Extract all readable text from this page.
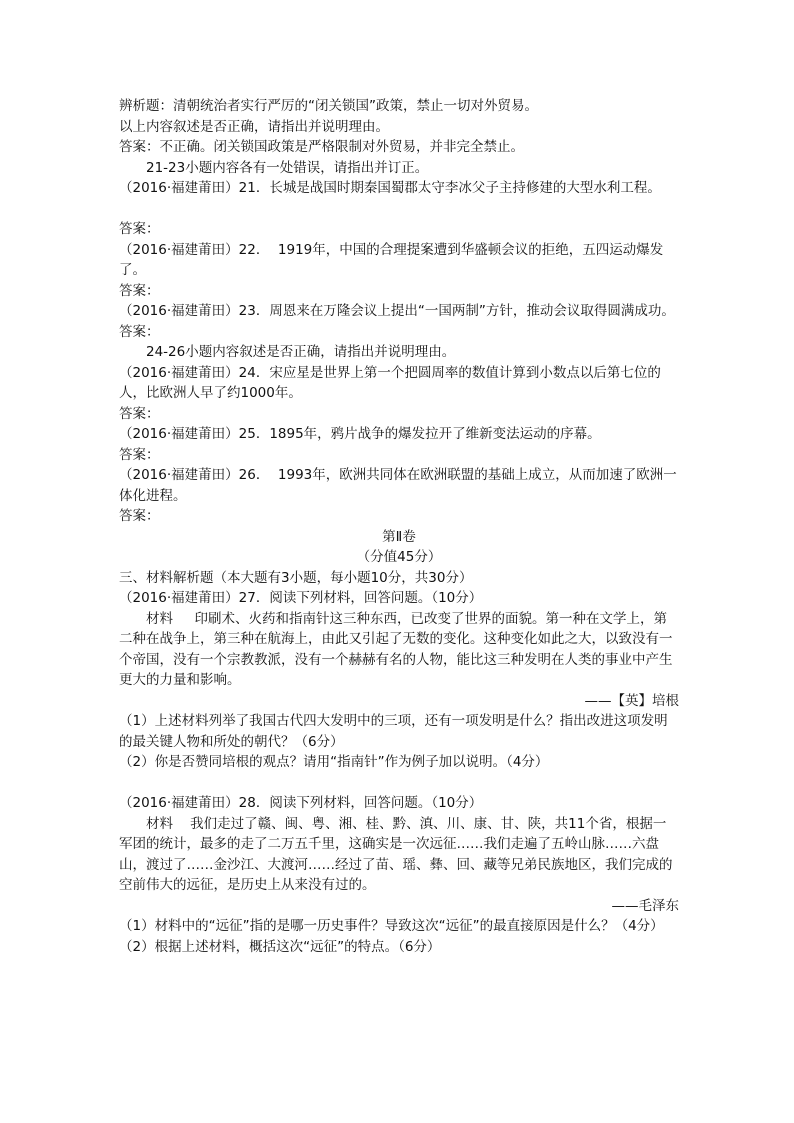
辨析题：清朝统治者实行严厉的“闭关锁国”政策，禁止一切对外贸易。

以上内容叙述是否正确，请指出并说明理由。

答案：不正确。闭关锁国政策是严格限制对外贸易，并非完全禁止。

21-23小题内容各有一处错误，请指出并订正。

（2016·福建莆田）21．长城是战国时期秦国蜀郡太守李冰父子主持修建的大型水利工程。

答案：

（2016·福建莆田）22．  1919年，中国的合理提案遭到华盛顿会议的拒绝，五四运动爆发了。

答案：

（2016·福建莆田）23．周恩来在万隆会议上提出“一国两制”方针，推动会议取得圆满成功。

答案：

24-26小题内容叙述是否正确，请指出并说明理由。

（2016·福建莆田）24．宋应星是世界上第一个把圆周率的数值计算到小数点以后第七位的人，比欧洲人早了约1000年。

答案：

（2016·福建莆田）25．1895年，鸦片战争的爆发拉开了维新变法运动的序幕。

答案：

（2016·福建莆田）26．  1993年，欧洲共同体在欧洲联盟的基础上成立，从而加速了欧洲一体化进程。

答案：

第Ⅱ卷

（分值45分）

三、材料解析题（本大题有3小题，每小题10分，共30分）

（2016·福建莆田）27．阅读下列材料，回答问题。（10分）

材料     印刷术、火药和指南针这三种东西，已改变了世界的面貌。第一种在文学上，第二种在战争上，第三种在航海上，由此又引起了无数的变化。这种变化如此之大，以致没有一个帝国，没有一个宗教教派，没有一个赫赫有名的人物，能比这三种发明在人类的事业中产生更大的力量和影响。

——【英】培根

（1）上述材料列举了我国古代四大发明中的三项，还有一项发明是什么？指出改进这项发明的最关键人物和所处的朝代？（6分）

（2）你是否赞同培根的观点？请用“指南针”作为例子加以说明。（4分）

（2016·福建莆田）28．阅读下列材料，回答问题。（10分）

材料    我们走过了赣、闽、粤、湘、桂、黔、滇、川、康、甘、陕，共11个省，根据一军团的统计，最多的走了二万五千里，这确实是一次远征……我们走遍了五岭山脉……六盘山，渡过了……金沙江、大渡河……经过了苗、瑶、彝、回、藏等兄弟民族地区，我们完成的空前伟大的远征，是历史上从来没有过的。

——毛泽东

（1）材料中的“远征”指的是哪一历史事件？导致这次“远征”的最直接原因是什么？（4分）

（2）根据上述材料，概括这次“远征”的特点。（6分）
